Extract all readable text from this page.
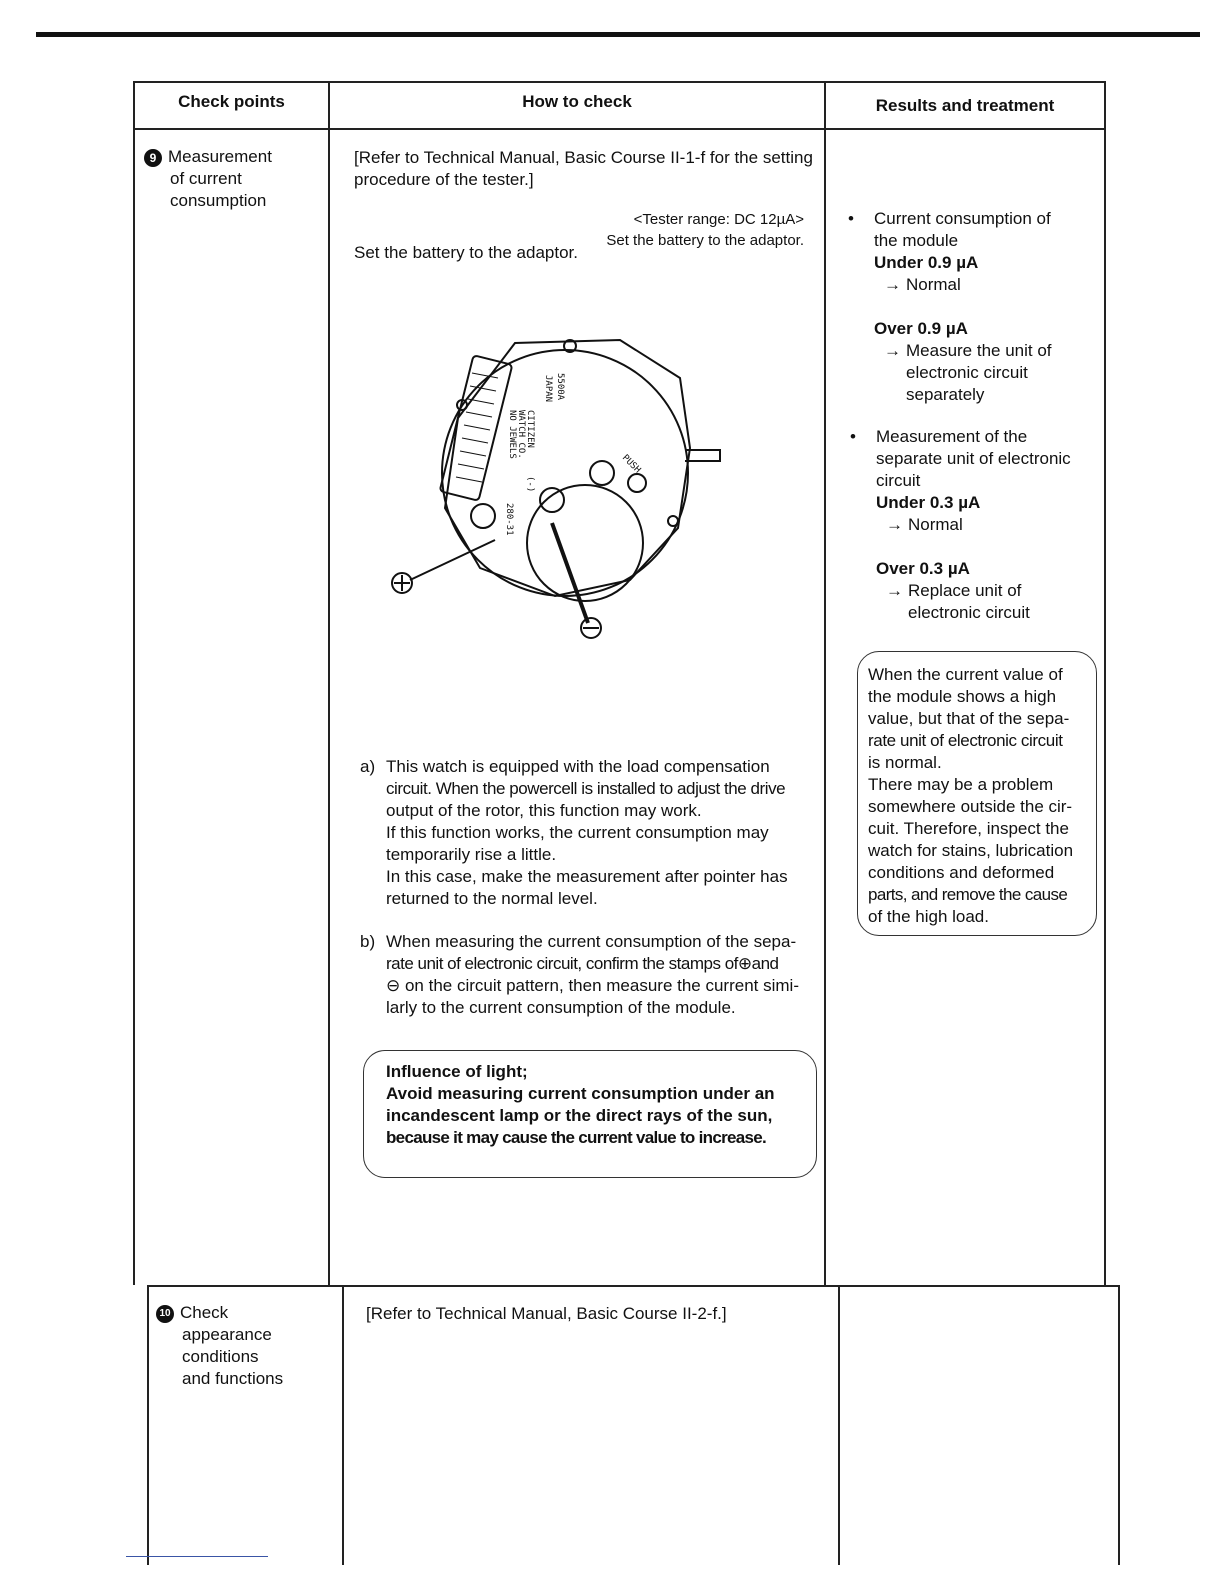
Check points	How to check	Results and treatment
9 Measurement
of current
consumption
[Refer to Technical Manual, Basic Course II-1-f for the setting
procedure of the tester.]
<Tester range: DC 12µA>
Set the battery to the adaptor.
Set the battery to the adaptor.
5500A
JAPAN
CITIZEN
WATCH CO.
NO JEWELS
280-31
PUSH
(-)
a) This watch is equipped with the load compensation
circuit. When the powercell is installed to adjust the drive
output of the rotor, this function may work.
If this function works, the current consumption may
temporarily rise a little.
In this case, make the measurement after pointer has
returned to the normal level.
b) When measuring the current consumption of the sepa-
rate unit of electronic circuit, confirm the stamps of⊕and
⊖ on the circuit pattern, then measure the current simi-
larly to the current consumption of the module.
Influence of light;
Avoid measuring current consumption under an
incandescent lamp or the direct rays of the sun,
because it may cause the current value to increase.
• Current consumption of
the module
Under 0.9 µA
→ Normal
Over 0.9 µA
→ Measure the unit of
electronic circuit
separately
• Measurement of the
separate unit of electronic
circuit
Under 0.3 µA
→ Normal
Over 0.3 µA
→ Replace unit of
electronic circuit
When the current value of
the module shows a high
value, but that of the sepa-
rate unit of electronic circuit
is normal.
There may be a problem
somewhere outside the cir-
cuit. Therefore, inspect the
watch for stains, lubrication
conditions and deformed
parts, and remove the cause
of the high load.
10 Check
appearance
conditions
and functions
[Refer to Technical Manual, Basic Course II-2-f.]
